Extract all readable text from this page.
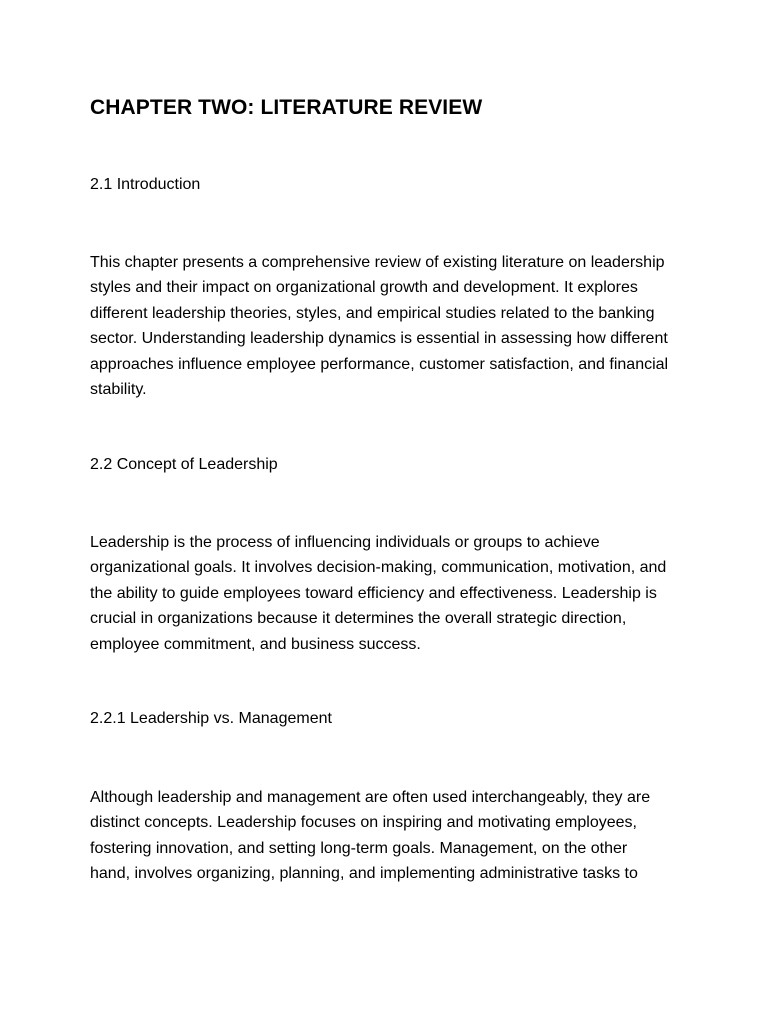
CHAPTER TWO: LITERATURE REVIEW
2.1 Introduction
This chapter presents a comprehensive review of existing literature on leadership
styles and their impact on organizational growth and development. It explores
different leadership theories, styles, and empirical studies related to the banking
sector. Understanding leadership dynamics is essential in assessing how different
approaches influence employee performance, customer satisfaction, and financial
stability.
2.2 Concept of Leadership
Leadership is the process of influencing individuals or groups to achieve
organizational goals. It involves decision-making, communication, motivation, and
the ability to guide employees toward efficiency and effectiveness. Leadership is
crucial in organizations because it determines the overall strategic direction,
employee commitment, and business success.
2.2.1 Leadership vs. Management
Although leadership and management are often used interchangeably, they are
distinct concepts. Leadership focuses on inspiring and motivating employees,
fostering innovation, and setting long-term goals. Management, on the other
hand, involves organizing, planning, and implementing administrative tasks to
